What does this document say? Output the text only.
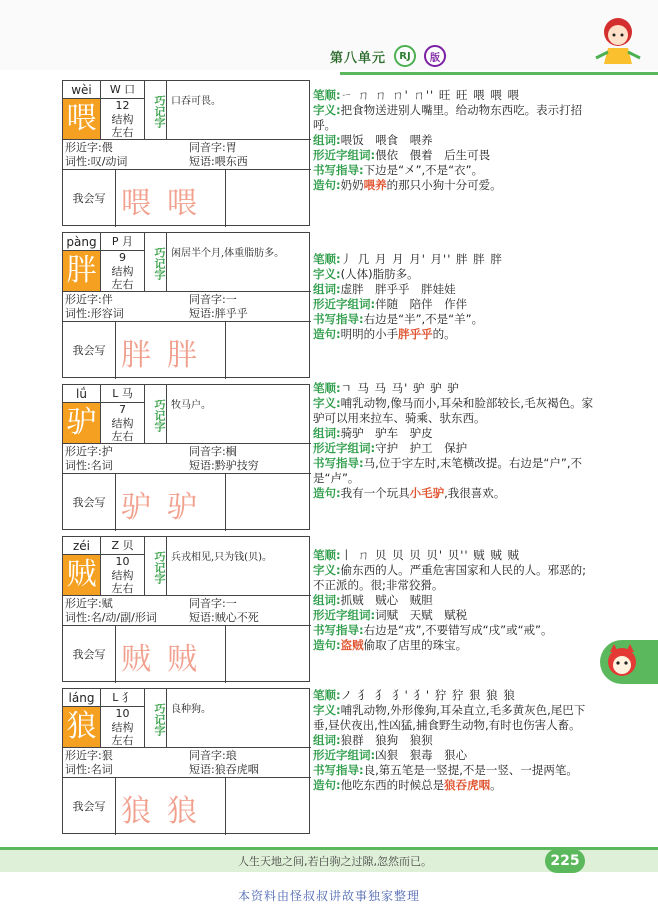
第八单元	RJ	版
wèi
喂
W 口
12
结构
左右
巧记字 口吞可畏。
形近字:偎	同音字:胃
词性:叹/动词	短语:喂东西
我会写 喂 喂
pàng
胖
P 月
9
结构
左右
巧记字 闲居半个月,体重脂肪多。
形近字:伴	同音字:一
词性:形容词	短语:胖乎乎
我会写 胖 胖
lǘ
驴
L 马
7
结构
左右
巧记字 牧马户。
形近字:护	同音字:榈
词性:名词	短语:黔驴技穷
我会写 驴 驴
zéi
贼
Z 贝
10
结构
左右
巧记字 兵戎相见,只为钱(贝)。
形近字:赋	同音字:一
词性:名/动/副/形词	短语:贼心不死
我会写 贼 贼
láng
狼
L 犭
10
结构
左右
巧记字 良种狗。
形近字:狠	同音字:琅
词性:名词	短语:狼吞虎咽
我会写 狼 狼
笔顺:ㄧ ㄇ ㄇ ㄇ' ㄇ'' 旺 旺 喂 喂 喂
字义:把食物送进别人嘴里。给动物东西吃。表示打招呼。
组词:喂饭　喂食　喂养
形近字组词:偎依　偎着　后生可畏
书写指导:下边是“㐅”,不是“衣”。
造句:奶奶喂养的那只小狗十分可爱。
笔顺:丿 几 月 月 月' 月'' 胖 胖 胖
字义:(人体)脂肪多。
组词:虚胖　胖乎乎　胖娃娃
形近字组词:伴随　陪伴　作伴
书写指导:右边是“半”,不是“羊”。
造句:明明的小手胖乎乎的。
笔顺:ㄱ 马 马 马' 驴 驴 驴
字义:哺乳动物,像马而小,耳朵和脸部较长,毛灰褐色。家驴可以用来拉车、骑乘、驮东西。
组词:骑驴　驴车　驴皮
形近字组词:守护　护工　保护
书写指导:马,位于字左时,末笔横改提。右边是“户”,不是“卢”。
造句:我有一个玩具小毛驴,我很喜欢。
笔顺:丨 ㄇ 贝 贝 贝 贝' 贝'' 贼 贼 贼
字义:偷东西的人。严重危害国家和人民的人。邪恶的;不正派的。很;非常狡猾。
组词:抓贼　贼心　贼胆
形近字组词:词赋　天赋　赋税
书写指导:右边是“戎”,不要错写成“戌”或“戒”。
造句:盗贼偷取了店里的珠宝。
笔顺:ノ 犭 犭 犭' 犭' 狞 狞 狠 狼 狼
字义:哺乳动物,外形像狗,耳朵直立,毛多黄灰色,尾巴下垂,昼伏夜出,性凶猛,捕食野生动物,有时也伤害人畜。
组词:狼群　狼狗　狼狈
形近字组词:凶狠　狠毒　狠心
书写指导:良,第五笔是一竖提,不是一竖、一提两笔。
造句:他吃东西的时候总是狼吞虎咽。
人生天地之间,若白驹之过隙,忽然而已。	225
本资料由怪叔叔讲故事独家整理
